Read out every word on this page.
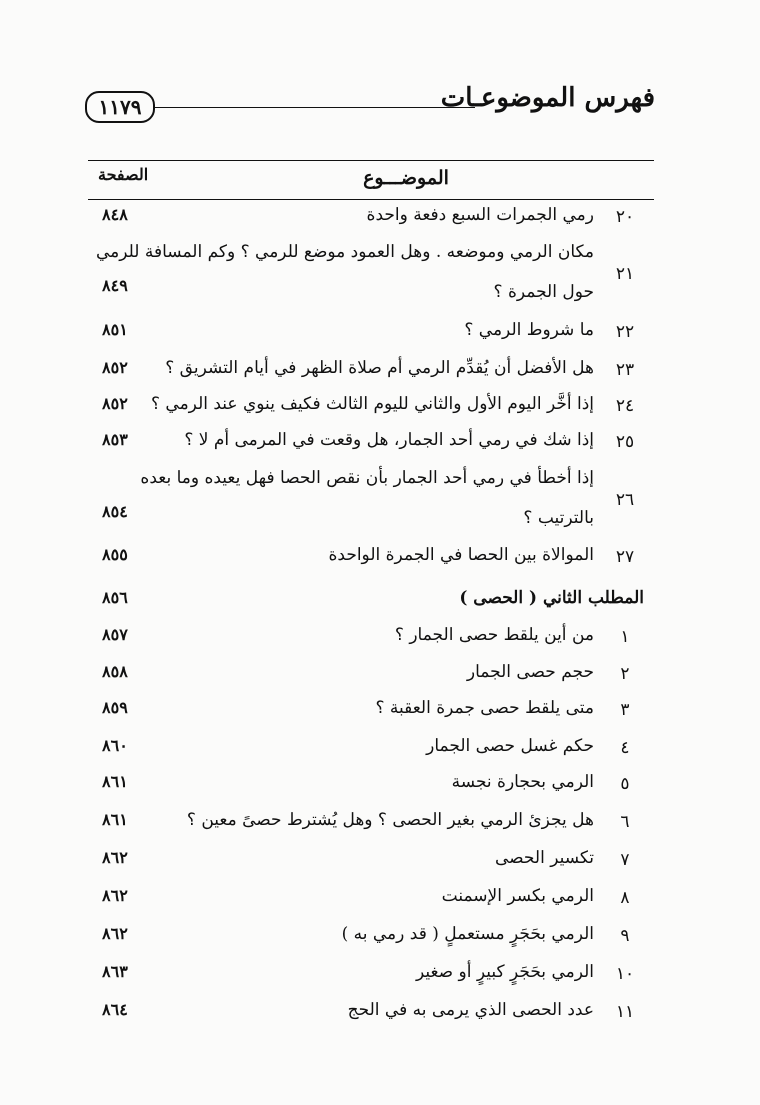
فهرس الموضوعـات
١١٧٩
الموضـــوع
الصفحة
٢٠
رمي الجمرات السبع دفعة واحدة
٨٤٨
٢١
مكان الرمي وموضعه . وهل العمود موضع للرمي ؟ وكم المسافة للرمي
حول الجمرة ؟
٨٤٩
٢٢
ما شروط الرمي ؟
٨٥١
٢٣
هل الأفضل أن يُقدِّم الرمي أم صلاة الظهر في أيام التشريق ؟
٨٥٢
٢٤
إذا أخَّر اليوم الأول والثاني لليوم الثالث فكيف ينوي عند الرمي ؟
٨٥٢
٢٥
إذا شك في رمي أحد الجمار، هل وقعت في المرمى أم لا ؟
٨٥٣
٢٦
إذا أخطأ في رمي أحد الجمار بأن نقص الحصا فهل يعيده وما بعده
بالترتيب ؟
٨٥٤
٢٧
الموالاة بين الحصا في الجمرة الواحدة
٨٥٥
المطلب الثاني ( الحصى )
٨٥٦
١
من أين يلقط حصى الجمار ؟
٨٥٧
٢
حجم حصى الجمار
٨٥٨
٣
متى يلقط حصى جمرة العقبة ؟
٨٥٩
٤
حكم غسل حصى الجمار
٨٦٠
٥
الرمي بحجارة نجسة
٨٦١
٦
هل يجزئ الرمي بغير الحصى ؟ وهل يُشترط حصىً معين ؟
٨٦١
٧
تكسير الحصى
٨٦٢
٨
الرمي بكسر الإسمنت
٨٦٢
٩
الرمي بحَجَرٍ مستعملٍ ( قد رمي به )
٨٦٢
١٠
الرمي بحَجَرٍ كبيرٍ أو صغير
٨٦٣
١١
عدد الحصى الذي يرمى به في الحج
٨٦٤
